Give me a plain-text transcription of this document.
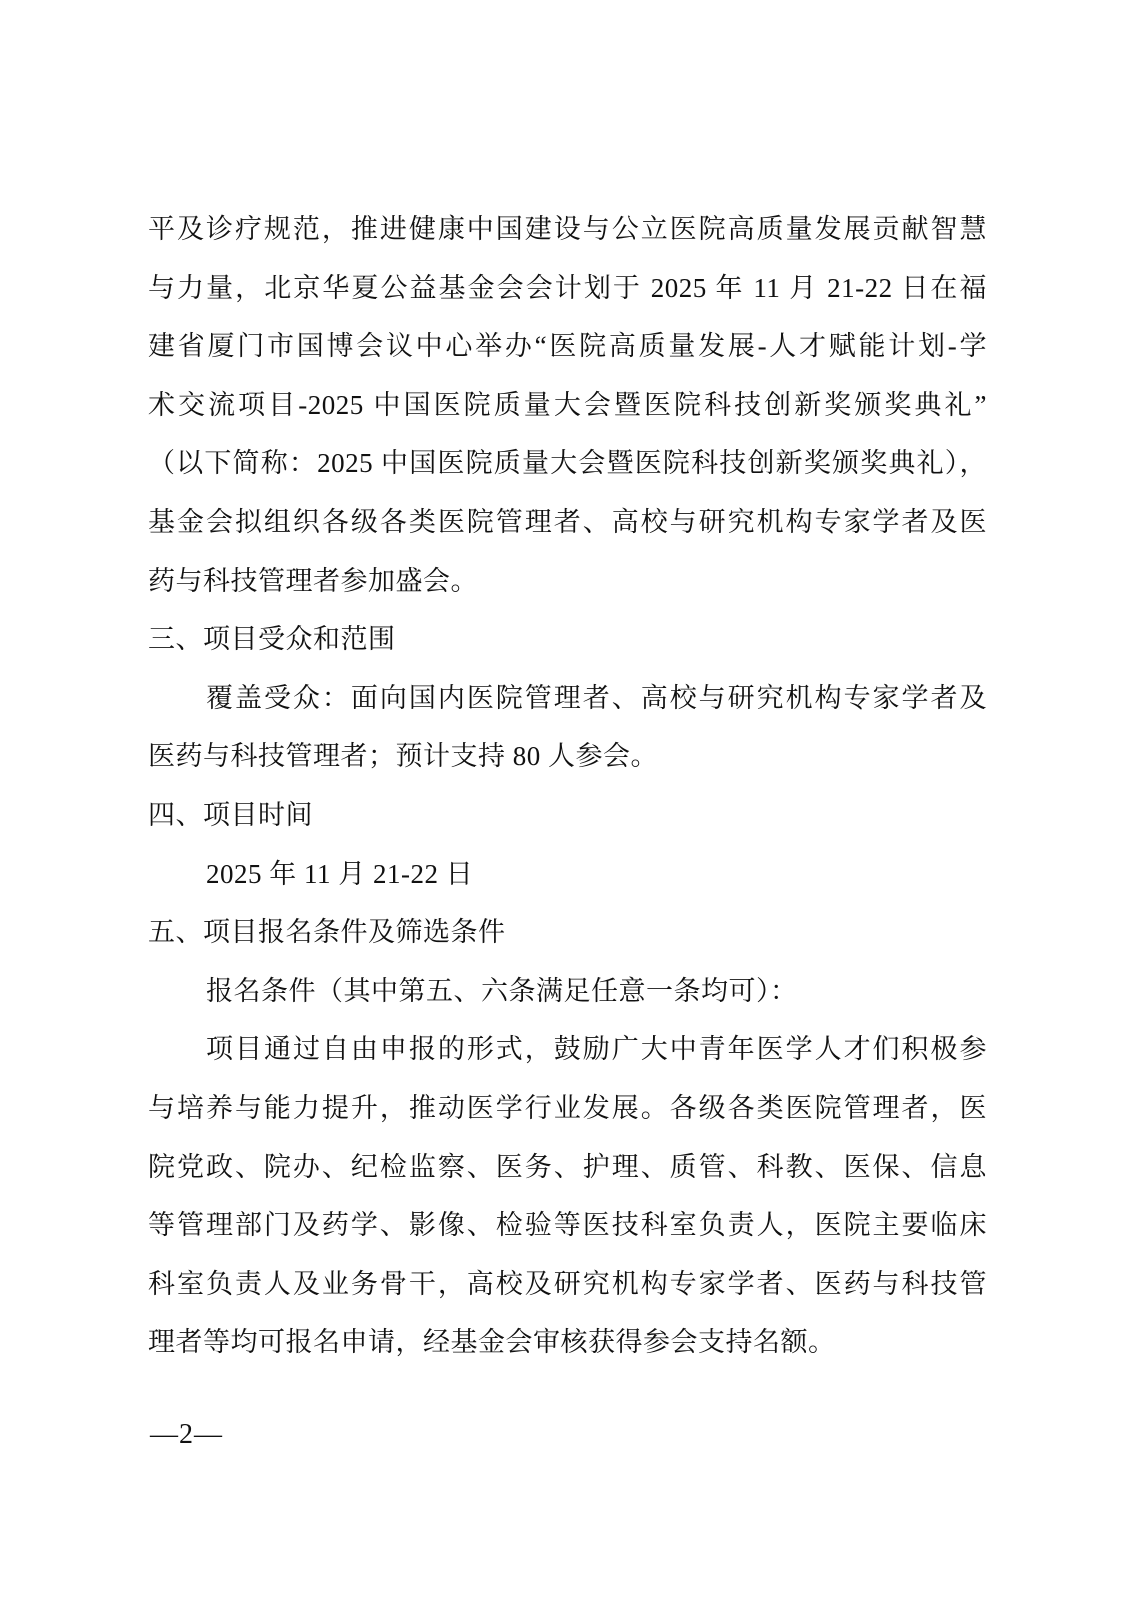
平及诊疗规范，推进健康中国建设与公立医院高质量发展贡献智慧
与力量，北京华夏公益基金会会计划于 2025 年 11 月 21-22 日在福
建省厦门市国博会议中心举办“医院高质量发展-人才赋能计划-学
术交流项目-2025 中国医院质量大会暨医院科技创新奖颁奖典礼”
（以下简称：2025 中国医院质量大会暨医院科技创新奖颁奖典礼），
基金会拟组织各级各类医院管理者、高校与研究机构专家学者及医
药与科技管理者参加盛会。
三、项目受众和范围
覆盖受众：面向国内医院管理者、高校与研究机构专家学者及
医药与科技管理者；预计支持 80 人参会。
四、项目时间
2025 年 11 月 21-22 日
五、项目报名条件及筛选条件
报名条件（其中第五、六条满足任意一条均可）：
项目通过自由申报的形式，鼓励广大中青年医学人才们积极参
与培养与能力提升，推动医学行业发展。各级各类医院管理者，医
院党政、院办、纪检监察、医务、护理、质管、科教、医保、信息
等管理部门及药学、影像、检验等医技科室负责人，医院主要临床
科室负责人及业务骨干，高校及研究机构专家学者、医药与科技管
理者等均可报名申请，经基金会审核获得参会支持名额。
—2—
